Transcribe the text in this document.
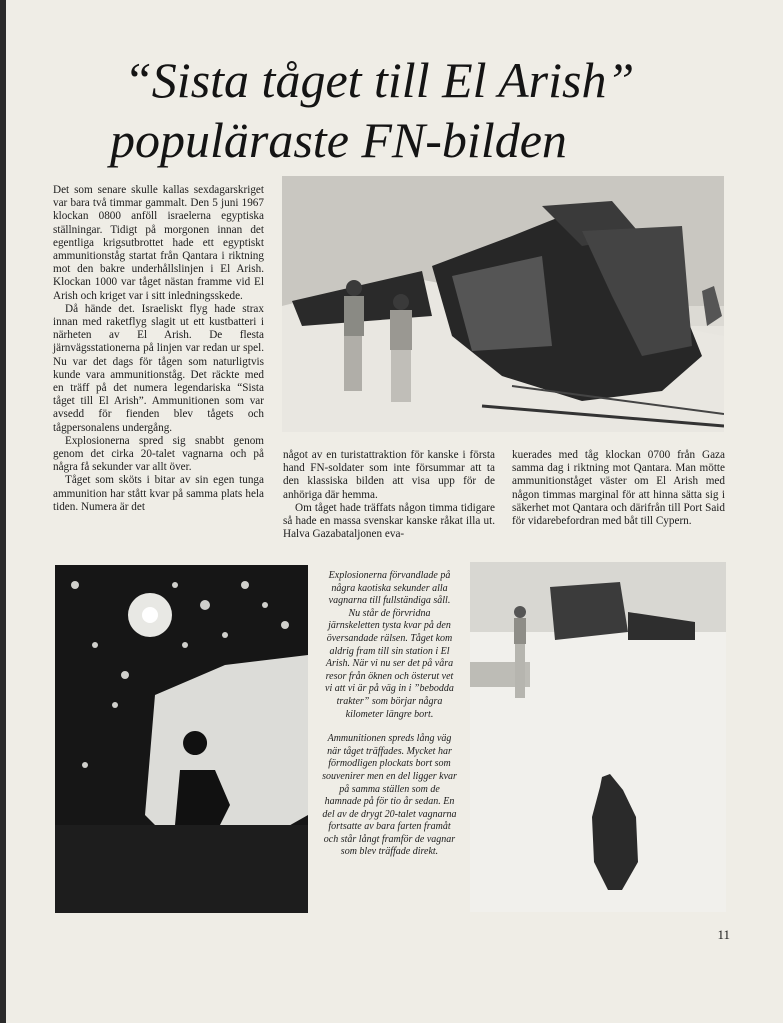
“Sista tåget till El Arish”

populäraste FN-bilden

Det som senare skulle kallas sexdagarskriget var bara två timmar gammalt. Den 5 juni 1967 klockan 0800 anföll israelerna egyptiska ställningar. Tidigt på morgonen innan det egentliga krigsutbrottet hade ett egyptiskt ammunitionståg startat från Qantara i riktning mot den bakre underhållslinjen i El Arish. Klockan 1000 var tåget nästan framme vid El Arish och kriget var i sitt inledningsskede.

Då hände det. Israeliskt flyg hade strax innan med raketflyg slagit ut ett kustbatteri i närheten av El Arish. De flesta järnvägsstationerna på linjen var redan ur spel. Nu var det dags för tågen som naturligtvis kunde vara ammunitionståg. Det räckte med en träff på det numera legendariska “Sista tåget till El Arish”. Ammunitionen som var avsedd för fienden blev tågets och tågpersonalens undergång.

Explosionerna spred sig snabbt genom genom det cirka 20-talet vagnarna och på några få sekunder var allt över.

Tåget som sköts i bitar av sin egen tunga ammunition har stått kvar på samma plats hela tiden. Numera är det

något av en turistattraktion för kanske i första hand FN-soldater som inte försummar att ta den klassiska bilden att visa upp för de anhöriga där hemma.

Om tåget hade träffats någon timma tidigare så hade en massa svenskar kanske råkat illa ut. Halva Gazabataljonen eva-

kuerades med tåg klockan 0700 från Gaza samma dag i riktning mot Qantara. Man mötte ammunitionståget väster om El Arish med någon timmas marginal för att hinna sätta sig i säkerhet mot Qantara och därifrån till Port Said för vidarebefordran med båt till Cypern.

Explosionerna förvandlade på några kaotiska sekunder alla vagnarna till fullständiga såll. Nu står de förvridna järnskeletten tysta kvar på den översandade rälsen. Tåget kom aldrig fram till sin station i El Arish. När vi nu ser det på våra resor från öknen och österut vet vi att vi är på väg in i ”bebodda trakter” som börjar några kilometer längre bort.

Ammunitionen spreds lång väg när tåget träffades. Mycket har förmodligen plockats bort som souvenirer men en del ligger kvar på samma ställen som de hamnade på för tio år sedan. En del av de drygt 20-talet vagnarna fortsatte av bara farten framåt och står långt framför de vagnar som blev träffade direkt.

11
